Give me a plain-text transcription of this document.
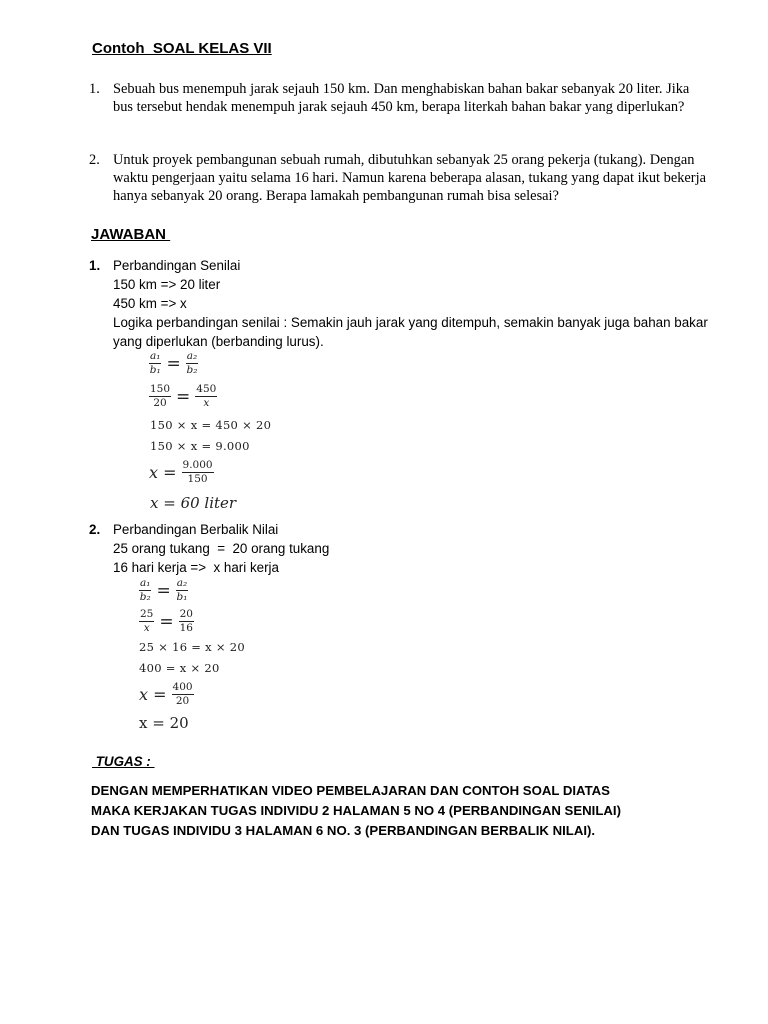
Contoh  SOAL KELAS VII
1. Sebuah bus menempuh jarak sejauh 150 km. Dan menghabiskan bahan bakar sebanyak 20 liter. Jika bus tersebut hendak menempuh jarak sejauh 450 km, berapa literkah bahan bakar yang diperlukan?
2. Untuk proyek pembangunan sebuah rumah, dibutuhkan sebanyak 25 orang pekerja (tukang). Dengan waktu pengerjaan yaitu selama 16 hari. Namun karena beberapa alasan, tukang yang dapat ikut bekerja hanya sebanyak 20 orang. Berapa lamakah pembangunan rumah bisa selesai?
JAWABAN
1. Perbandingan Senilai
150 km => 20 liter
450 km => x
Logika perbandingan senilai : Semakin jauh jarak yang ditempuh, semakin banyak juga bahan bakar yang diperlukan (berbanding lurus).
$\frac{\text{a₁}}{\text{b₁}} = \frac{\text{a₂}}{\text{b₂}}$
$\frac{150}{20} = \frac{450}{x}$
150 × x = 450 × 20
150 × x = 9.000
$x = \frac{9.000}{150}$
x = 60 liter
2. Perbandingan Berbalik Nilai
25 orang tukang  =  20 orang tukang
16 hari kerja =>  x hari kerja
$\frac{\text{a₁}}{\text{b₂}} = \frac{\text{a₂}}{\text{b₁}}$
$\frac{25}{x} = \frac{20}{16}$
25 × 16 = x × 20
400 = x × 20
$x = \frac{400}{20}$
x = 20
TUGAS :
DENGAN MEMPERHATIKAN VIDEO PEMBELAJARAN DAN CONTOH SOAL DIATAS MAKA KERJAKAN TUGAS INDIVIDU 2 HALAMAN 5 NO 4 (PERBANDINGAN SENILAI) DAN TUGAS INDIVIDU 3 HALAMAN 6 NO. 3 (PERBANDINGAN BERBALIK NILAI).
